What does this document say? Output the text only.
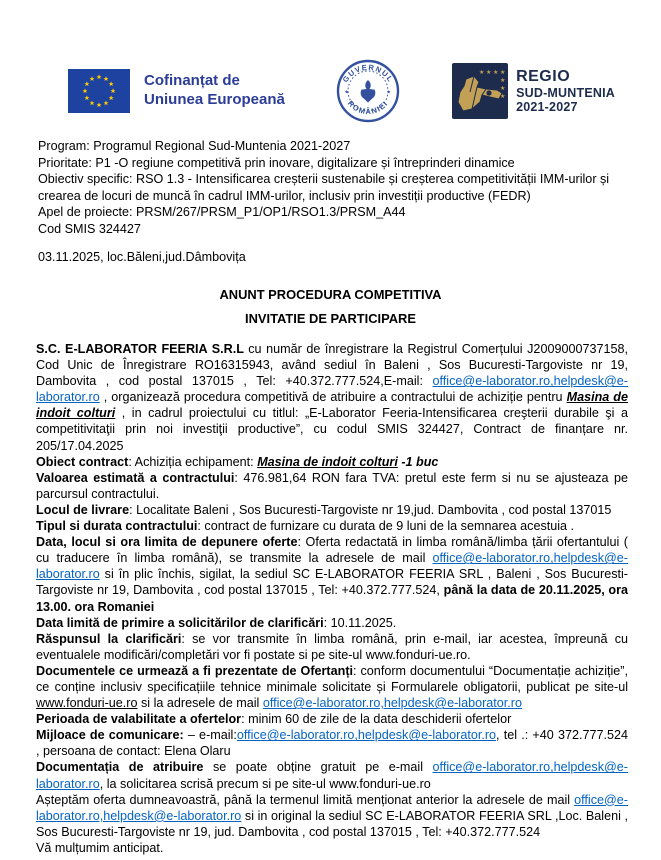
Cofinanțat de
Uniunea Europeană
GUVERNUL
ROMÂNIEI
★	★
★ ★ ★ ★
★
★
★
REGIO
SUD-MUNTENIA
2021-2027
Program: Programul Regional Sud-Muntenia 2021-2027
Prioritate: P1 -O regiune competitivă prin inovare, digitalizare și întreprinderi dinamice
Obiectiv specific: RSO 1.3 - Intensificarea creșterii sustenabile și creșterea competitivității IMM-urilor și crearea de locuri de muncă în cadrul IMM-urilor, inclusiv prin investiții productive (FEDR)
Apel de proiecte: PRSM/267/PRSM_P1/OP1/RSO1.3/PRSM_A44
Cod SMIS 324427
03.11.2025, loc.Băleni,jud.Dâmbovița

ANUNT PROCEDURA COMPETITIVA

INVITATIE DE PARTICIPARE

S.C. E-LABORATOR FEERIA S.R.L cu număr de înregistrare la Registrul Comerțului J2009000737158, Cod Unic de Înregistrare RO16315943, având sediul în Baleni , Sos Bucuresti-Targoviste nr 19, Dambovita , cod postal 137015 , Tel: +40.372.777.524,E-mail: office@e-laborator.ro,helpdesk@e-laborator.ro , organizează procedura competitivă de atribuire a contractului de achiziție pentru Masina de indoit colturi , in cadrul proiectului cu titlul: „E-Laborator Feeria-Intensificarea creşterii durabile şi a competitivitaţii prin noi investiţii productive”, cu codul SMIS 324427, Contract de finanțare nr. 205/17.04.2025

Obiect contract: Achiziția echipament: Masina de indoit colturi -1 buc

Valoarea estimată a contractului: 476.981,64 RON fara TVA: pretul este ferm si nu se ajusteaza pe parcursul contractului.

Locul de livrare: Localitate Baleni , Sos Bucuresti-Targoviste nr 19,jud. Dambovita , cod postal 137015

Tipul si durata contractului: contract de furnizare cu durata de 9 luni de la semnarea acestuia .

Data, locul si ora limita de depunere oferte: Oferta redactată in limba română/limba țării ofertantului ( cu traducere în limba română), se transmite la adresele de mail office@e-laborator.ro,helpdesk@e-laborator.ro si în plic închis, sigilat, la sediul SC E-LABORATOR FEERIA SRL , Baleni , Sos Bucuresti-Targoviste nr 19, Dambovita , cod postal 137015 , Tel: +40.372.777.524, până la data de 20.11.2025, ora 13.00. ora Romaniei

Data limită de primire a solicitărilor de clarificări: 10.11.2025.

Răspunsul la clarificări: se vor transmite în limba română, prin e-mail, iar acestea, împreună cu eventualele modificări/completări vor fi postate si pe site-ul www.fonduri-ue.ro.

Documentele ce urmează a fi prezentate de Ofertanți: conform documentului “Documentație achiziție”, ce conține inclusiv specificațiile tehnice minimale solicitate și Formularele obligatorii, publicat pe site-ul www.fonduri-ue.ro si la adresele de mail office@e-laborator.ro,helpdesk@e-laborator.ro

Perioada de valabilitate a ofertelor: minim 60 de zile de la data deschiderii ofertelor

Mijloace de comunicare: – e-mail:office@e-laborator.ro,helpdesk@e-laborator.ro, tel .: +40 372.777.524 , persoana de contact: Elena Olaru

Documentația de atribuire se poate obține gratuit pe e-mail office@e-laborator.ro,helpdesk@e-laborator.ro, la solicitarea scrisă precum si pe site-ul www.fonduri-ue.ro

Așteptăm oferta dumneavoastră, până la termenul limită menționat anterior la adresele de mail office@e-laborator.ro,helpdesk@e-laborator.ro si in original la sediul SC E-LABORATOR FEERIA SRL ,Loc. Baleni , Sos Bucuresti-Targoviste nr 19, jud. Dambovita , cod postal 137015 , Tel: +40.372.777.524

Vă mulțumim anticipat.
